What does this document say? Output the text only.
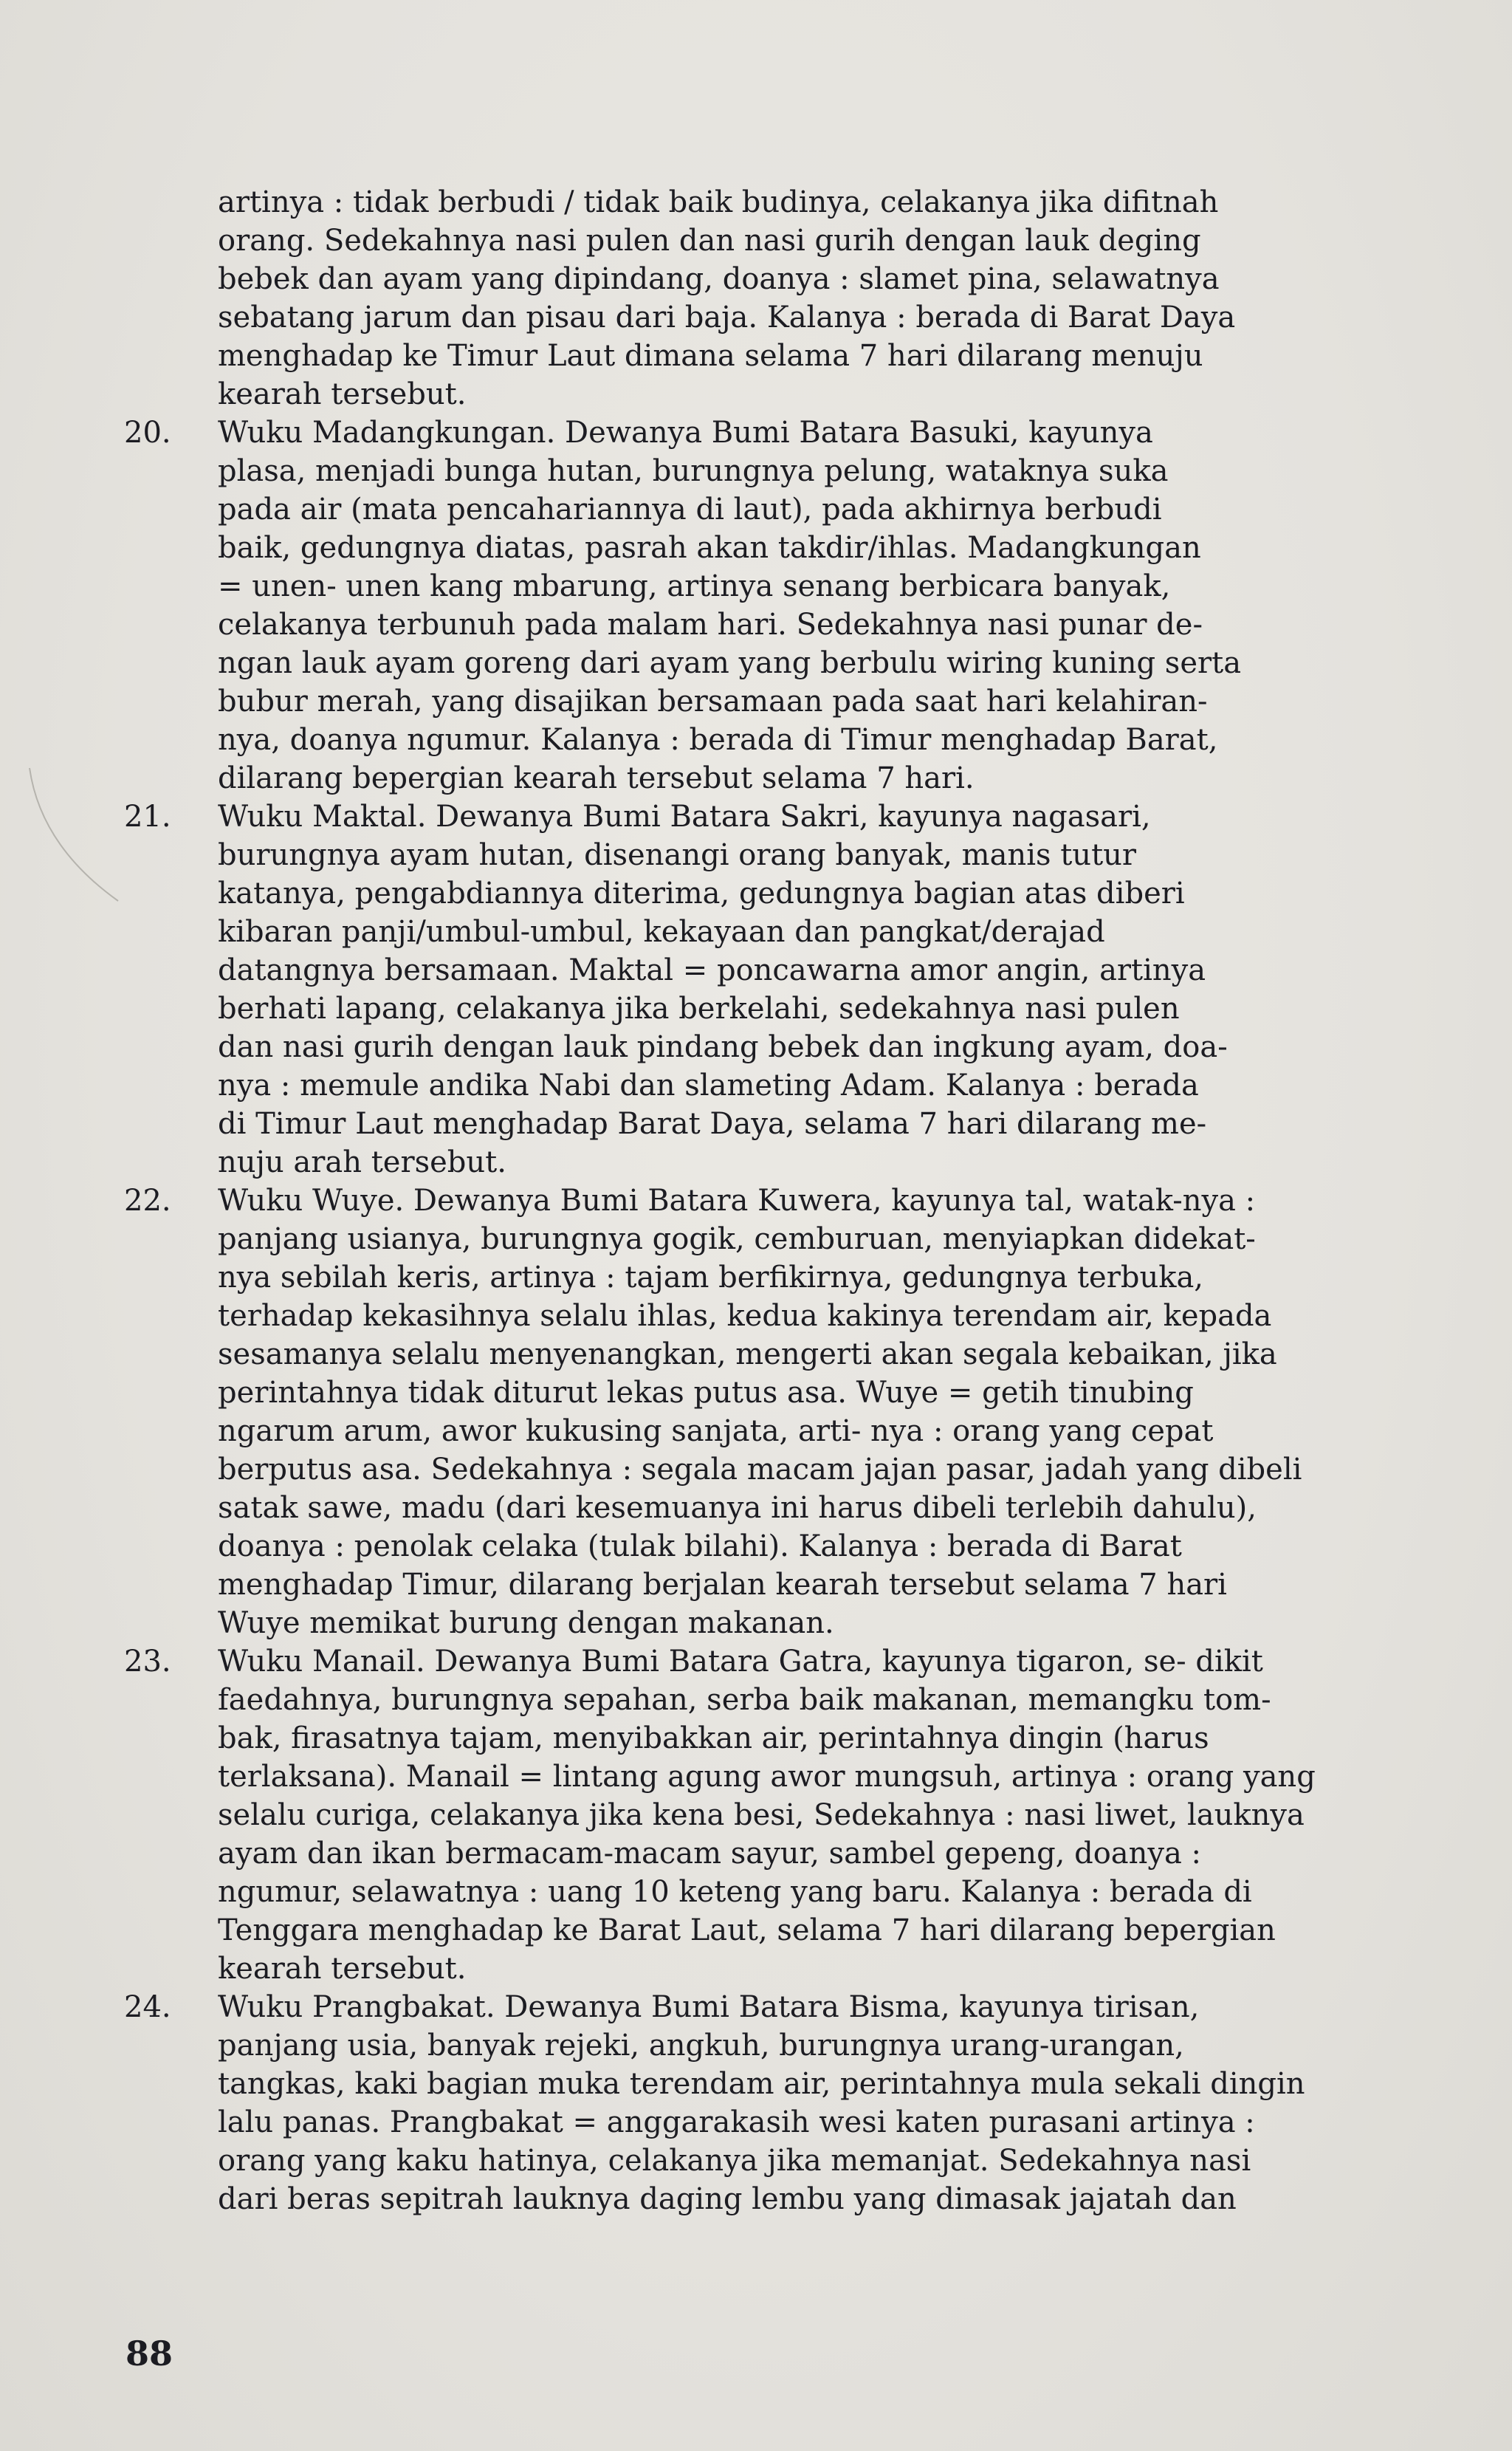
artinya : tidak berbudi / tidak baik budinya, celakanya jika difitnah
orang. Sedekahnya nasi pulen dan nasi gurih dengan lauk deging
bebek dan ayam yang dipindang, doanya : slamet pina, selawatnya
sebatang jarum dan pisau dari baja. Kalanya : berada di Barat Daya
menghadap ke Timur Laut dimana selama 7 hari dilarang menuju
kearah tersebut.
20.	Wuku Madangkungan. Dewanya Bumi Batara Basuki, kayunya
plasa, menjadi bunga hutan, burungnya pelung, wataknya suka
pada air (mata pencahariannya di laut), pada akhirnya berbudi
baik, gedungnya diatas, pasrah akan takdir/ihlas. Madangkungan
= unen- unen kang mbarung, artinya senang berbicara banyak,
celakanya terbunuh pada malam hari. Sedekahnya nasi punar de-
ngan lauk ayam goreng dari ayam yang berbulu wiring kuning serta
bubur merah, yang disajikan bersamaan pada saat hari kelahiran-
nya, doanya ngumur. Kalanya : berada di Timur menghadap Barat,
dilarang bepergian kearah tersebut selama 7 hari.
21.	Wuku Maktal. Dewanya Bumi Batara Sakri, kayunya nagasari,
burungnya ayam hutan, disenangi orang banyak, manis tutur
katanya, pengabdiannya diterima, gedungnya bagian atas diberi
kibaran panji/umbul-umbul, kekayaan dan pangkat/derajad
datangnya bersamaan. Maktal = poncawarna amor angin, artinya
berhati lapang, celakanya jika berkelahi, sedekahnya nasi pulen
dan nasi gurih dengan lauk pindang bebek dan ingkung ayam, doa-
nya : memule andika Nabi dan slameting Adam. Kalanya : berada
di Timur Laut menghadap Barat Daya, selama 7 hari dilarang me-
nuju arah tersebut.
22.	Wuku Wuye. Dewanya Bumi Batara Kuwera, kayunya tal, watak-nya :
panjang usianya, burungnya gogik, cemburuan, menyiapkan didekat-
nya sebilah keris, artinya : tajam berfikirnya, gedungnya terbuka,
terhadap kekasihnya selalu ihlas, kedua kakinya terendam air, kepada
sesamanya selalu menyenangkan, mengerti akan segala kebaikan, jika
perintahnya tidak diturut lekas putus asa. Wuye = getih tinubing
ngarum arum, awor kukusing sanjata, arti- nya : orang yang cepat
berputus asa. Sedekahnya : segala macam jajan pasar, jadah yang dibeli
satak sawe, madu (dari kesemuanya ini harus dibeli terlebih dahulu),
doanya : penolak celaka (tulak bilahi). Kalanya : berada di Barat
menghadap Timur, dilarang berjalan kearah tersebut selama 7 hari
Wuye memikat burung dengan makanan.
23.	Wuku Manail. Dewanya Bumi Batara Gatra, kayunya tigaron, se- dikit
faedahnya, burungnya sepahan, serba baik makanan, memangku tom-
bak, firasatnya tajam, menyibakkan air, perintahnya dingin (harus
terlaksana). Manail = lintang agung awor mungsuh, artinya : orang yang
selalu curiga, celakanya jika kena besi, Sedekahnya : nasi liwet, lauknya
ayam dan ikan bermacam-macam sayur, sambel gepeng, doanya :
ngumur, selawatnya : uang 10 keteng yang baru. Kalanya : berada di
Tenggara menghadap ke Barat Laut, selama 7 hari dilarang bepergian
kearah tersebut.
24.	Wuku Prangbakat. Dewanya Bumi Batara Bisma, kayunya tirisan,
panjang usia, banyak rejeki, angkuh, burungnya urang-urangan,
tangkas, kaki bagian muka terendam air, perintahnya mula sekali dingin
lalu panas. Prangbakat = anggarakasih wesi katen purasani artinya :
orang yang kaku hatinya, celakanya jika memanjat. Sedekahnya nasi
dari beras sepitrah lauknya daging lembu yang dimasak jajatah dan
88
